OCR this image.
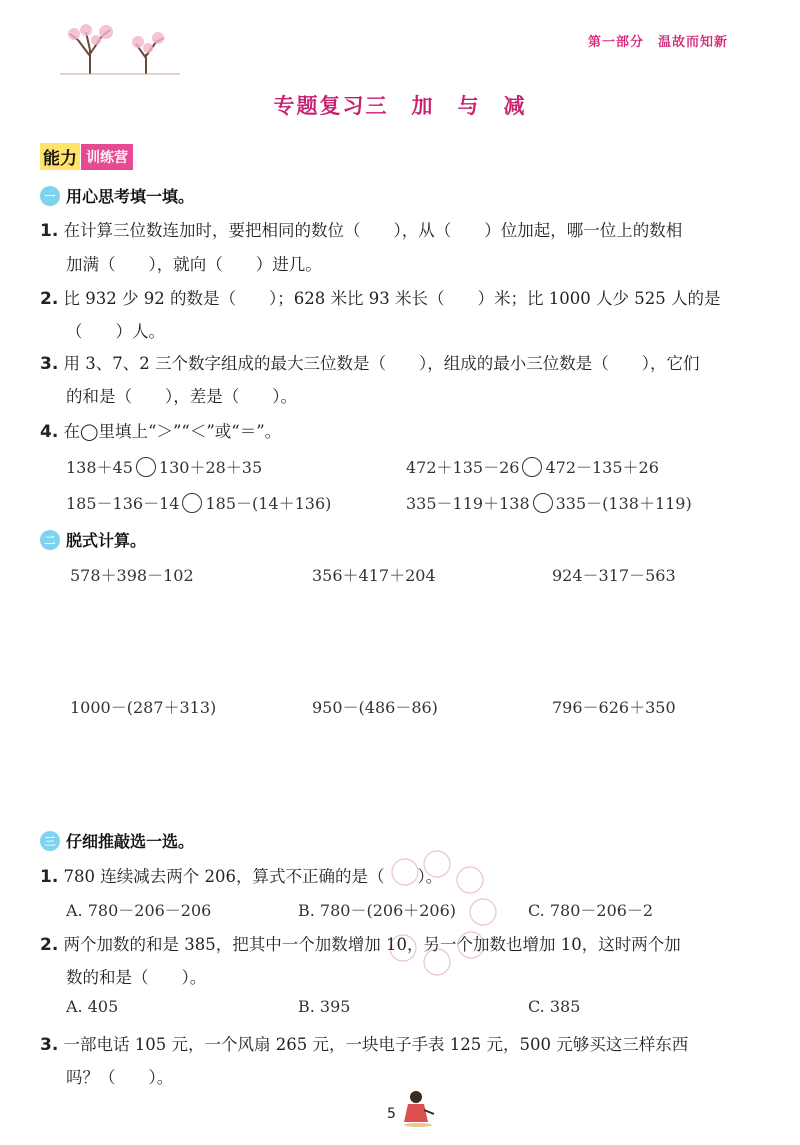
第一部分 温故而知新
专题复习三　加　与　减
能力 训练营
一 用心思考填一填。
1. 在计算三位数连加时，要把相同的数位（　　），从（　　）位加起，哪一位上的数相
加满（　　），就向（　　）进几。
2. 比 932 少 92 的数是（　　）；628 米比 93 米长（　　）米；比 1000 人少 525 人的是
（　　）人。
3. 用 3、7、2 三个数字组成的最大三位数是（　　），组成的最小三位数是（　　），它们
的和是（　　），差是（　　）。
4. 在◯里填上“＞”“＜”或“＝”。
138＋45 130＋28＋35	472＋135－26 472－135＋26
185－136－14 185－(14＋136)	335－119＋138 335－(138＋119)
二 脱式计算。
578＋398－102	356＋417＋204	924－317－563
1000－(287＋313)	950－(486－86)	796－626＋350
三 仔细推敲选一选。
1. 780 连续减去两个 206，算式不正确的是（　　）。
A. 780－206－206	B. 780－(206＋206)	C. 780－206－2
2. 两个加数的和是 385，把其中一个加数增加 10，另一个加数也增加 10，这时两个加
数的和是（　　）。
A. 405	B. 395	C. 385
3. 一部电话 105 元，一个风扇 265 元，一块电子手表 125 元，500 元够买这三样东西
吗？（　　）。
5
